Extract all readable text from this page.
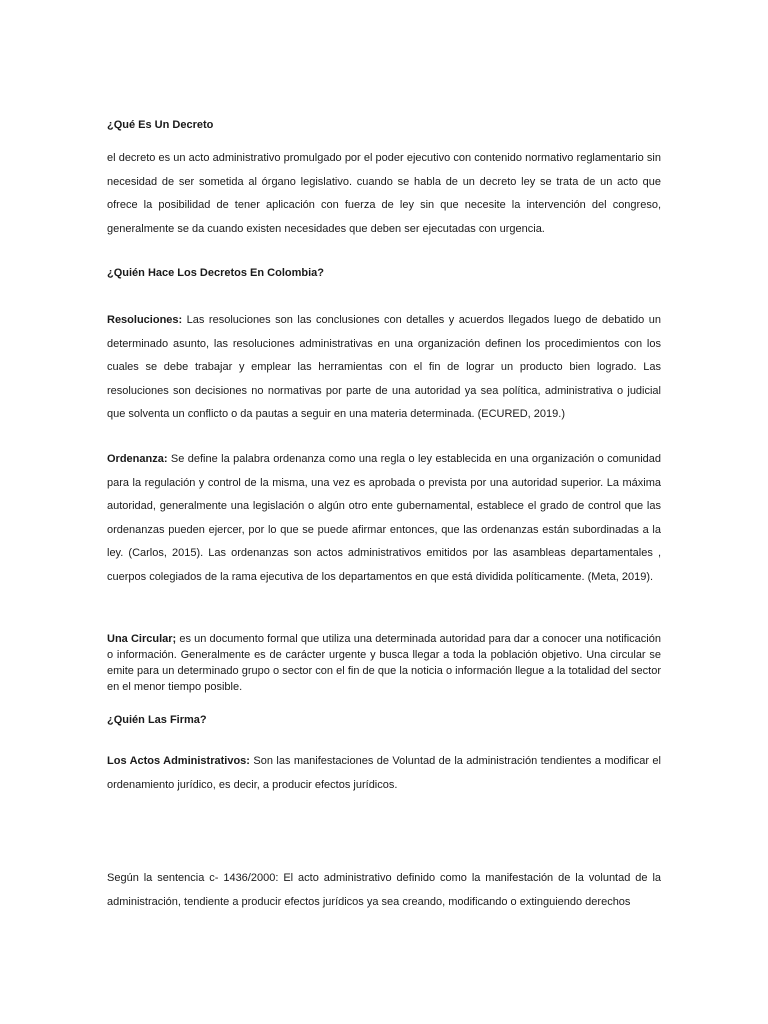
¿Qué Es Un Decreto

el decreto es un acto administrativo promulgado por el poder ejecutivo con contenido normativo reglamentario sin necesidad de ser sometida al órgano legislativo. cuando se habla de un decreto ley se trata de un acto que ofrece la posibilidad de tener aplicación con fuerza de ley sin que necesite la intervención del congreso, generalmente se da cuando existen necesidades que deben ser ejecutadas con urgencia.

¿Quién Hace Los Decretos En Colombia?

Resoluciones: Las resoluciones son las conclusiones con detalles y acuerdos llegados luego de debatido un determinado asunto, las resoluciones administrativas en una organización definen los procedimientos con los cuales se debe trabajar y emplear las herramientas con el fin de lograr un producto bien logrado. Las resoluciones son decisiones no normativas por parte de una autoridad ya sea política, administrativa o judicial que solventa un conflicto o da pautas a seguir en una materia determinada. (ECURED, 2019.)

Ordenanza: Se define la palabra ordenanza como una regla o ley establecida en una organización o comunidad para la regulación y control de la misma, una vez es aprobada o prevista por una autoridad superior. La máxima autoridad, generalmente una legislación o algún otro ente gubernamental, establece el grado de control que las ordenanzas pueden ejercer, por lo que se puede afirmar entonces, que las ordenanzas están subordinadas a la ley. (Carlos, 2015). Las ordenanzas son actos administrativos emitidos por las asambleas departamentales , cuerpos colegiados de la rama ejecutiva de los departamentos en que está dividida políticamente. (Meta, 2019).

Una Circular; es un documento formal que utiliza una determinada autoridad para dar a conocer una notificación o información. Generalmente es de carácter urgente y busca llegar a toda la población objetivo. Una circular se emite para un determinado grupo o sector con el fin de que la noticia o información llegue a la totalidad del sector en el menor tiempo posible.

¿Quién Las Firma?

Los Actos Administrativos: Son las manifestaciones de Voluntad de la administración tendientes a modificar el ordenamiento jurídico, es decir, a producir efectos jurídicos.

Según la sentencia c- 1436/2000: El acto administrativo definido como la manifestación de la voluntad de la administración, tendiente a producir efectos jurídicos ya sea creando, modificando o extinguiendo derechos
